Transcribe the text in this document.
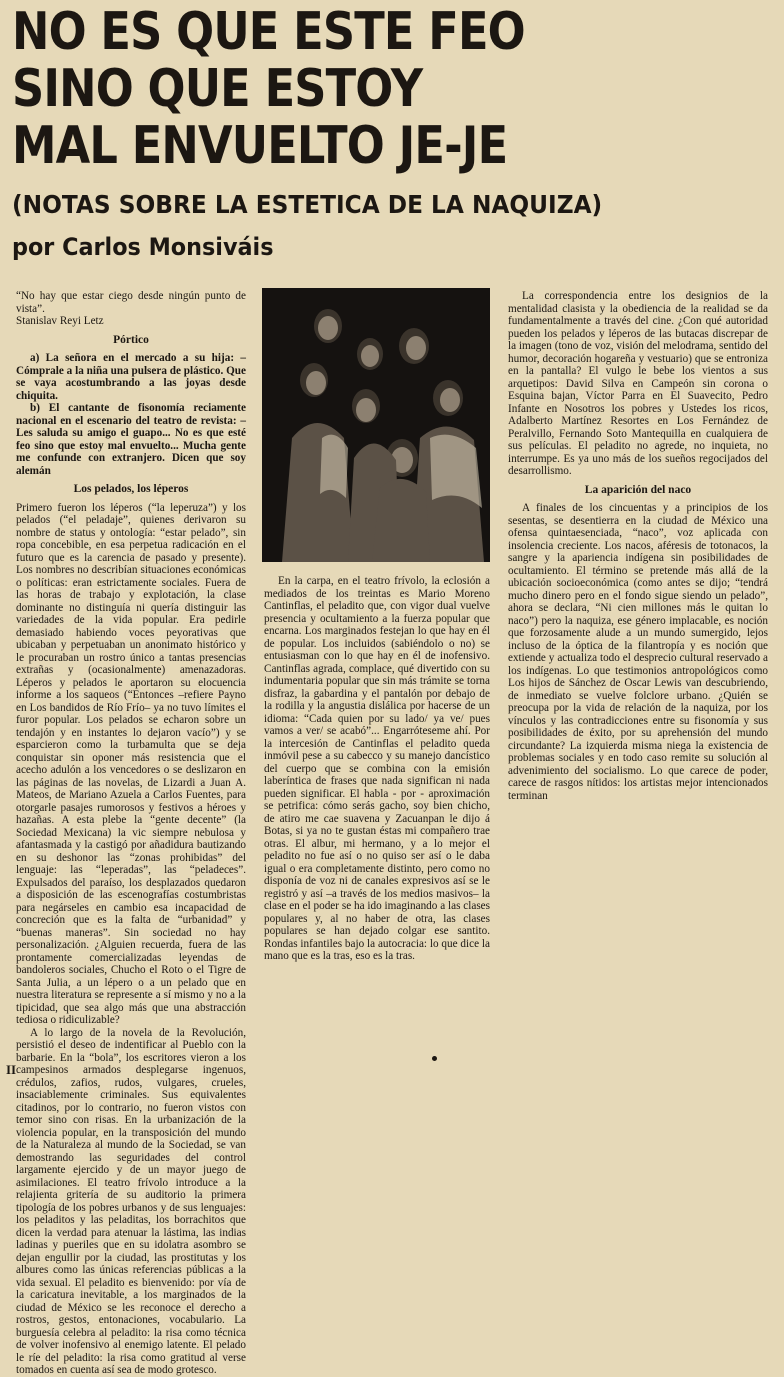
NO ES QUE ESTE FEO
SINO QUE ESTOY
MAL ENVUELTO JE-JE
(NOTAS SOBRE LA ESTETICA DE LA NAQUIZA)
por Carlos Monsiváis

“No hay que estar ciego desde ningún punto de vista”.

Stanislav Reyi Letz

Pórtico

a) La señora en el mercado a su hija: –Cómprale a la niña una pulsera de plástico. Que se vaya acostumbrando a las joyas desde chiquita.

b) El cantante de fisonomía reciamente nacional en el escenario del teatro de revista: –Les saluda su amigo el guapo... No es que esté feo sino que estoy mal envuelto... Mucha gente me confunde con extranjero. Dicen que soy alemán

Los pelados, los léperos

Primero fueron los léperos (“la leperuza”) y los pelados (“el peladaje”, quienes derivaron su nombre de status y ontología: “estar pelado”, sin ropa concebible, en esa perpetua radicación en el futuro que es la carencia de pasado y presente). Los nombres no describían situaciones económicas o políticas: eran estrictamente sociales. Fuera de las horas de trabajo y explotación, la clase dominante no distinguía ni quería distinguir las variedades de la vida popular. Era pedirle demasiado habiendo voces peyorativas que ubicaban y perpetuaban un anonimato histórico y le procuraban un rostro único a tantas presencias extrañas y (ocasionalmente) amenazadoras. Léperos y pelados le aportaron su elocuencia informe a los saqueos (“Entonces –refiere Payno en Los bandidos de Río Frío– ya no tuvo límites el furor popular. Los pelados se echaron sobre un tendajón y en instantes lo dejaron vacío”) y se esparcieron como la turbamulta que se deja conquistar sin oponer más resistencia que el acecho adulón a los vencedores o se deslizaron en las páginas de las novelas, de Lizardi a Juan A. Mateos, de Mariano Azuela a Carlos Fuentes, para otorgarle pasajes rumorosos y festivos a héroes y hazañas. A esta plebe la “gente decente” (la Sociedad Mexicana) la vic siempre nebulosa y afantasmada y la castigó por añadidura bautizando en su deshonor las “zonas prohibidas” del lenguaje: las “leperadas”, las “peladeces”. Expulsados del paraíso, los desplazados quedaron a disposición de las escenografías costumbristas para negárseles en cambio esa incapacidad de concreción que es la falta de “urbanidad” y “buenas maneras”. Sin sociedad no hay personalización. ¿Alguien recuerda, fuera de las prontamente comercializadas leyendas de bandoleros sociales, Chucho el Roto o el Tigre de Santa Julia, a un lépero o a un pelado que en nuestra literatura se represente a sí mismo y no a la tipicidad, que sea algo más que una abstracción tediosa o ridiculizable?

A lo largo de la novela de la Revolución, persistió el deseo de indentificar al Pueblo con la barbarie. En la “bola”, los escritores vieron a los campesinos armados desplegarse ingenuos, crédulos, zafios, rudos, vulgares, crueles, insaciablemente criminales. Sus equivalentes citadinos, por lo contrario, no fueron vistos con temor sino con risas. En la urbanización de la violencia popular, en la transposición del mundo de la Naturaleza al mundo de la Sociedad, se van demostrando las seguridades del control largamente ejercido y de un mayor juego de asimilaciones. El teatro frívolo introduce a la relajienta gritería de su auditorio la primera tipología de los pobres urbanos y de sus lenguajes: los peladitos y las peladitas, los borrachitos que dicen la verdad para atenuar la lástima, las indias ladinas y pueriles que en su idolatra asombro se dejan engullir por la ciudad, las prostitutas y los albures como las únicas referencias públicas a la vida sexual. El peladito es bienvenido: por vía de la caricatura inevitable, a los marginados de la ciudad de México se les reconoce el derecho a rostros, gestos, entonaciones, vocabulario. La burguesía celebra al peladito: la risa como técnica de volver inofensivo al enemigo latente. El pelado le ríe del peladito: la risa como gratitud al verse tomados en cuenta así sea de modo grotesco.

En la carpa, en el teatro frívolo, la eclosión a mediados de los treintas es Mario Moreno Cantinflas, el peladito que, con vigor dual vuelve presencia y ocultamiento a la fuerza popular que encarna. Los marginados festejan lo que hay en él de popular. Los incluidos (sabiéndolo o no) se entusiasman con lo que hay en él de inofensivo. Cantinflas agrada, complace, qué divertido con su indumentaria popular que sin más trámite se torna disfraz, la gabardina y el pantalón por debajo de la rodilla y la angustia dislálica por hacerse de un idioma: “Cada quien por su lado/ ya ve/ pues vamos a ver/ se acabó”... Engarróteseme ahí. Por la intercesión de Cantinflas el peladito queda inmóvil pese a su cabecco y su manejo dancístico del cuerpo que se combina con la emisión laberíntica de frases que nada significan ni nada pueden significar. El habla - por - aproximación se petrifica: cómo serás gacho, soy bien chicho, de atiro me cae suavena y Zacuanpan le dijo á Botas, si ya no te gustan éstas mi compañero trae otras. El albur, mi hermano, y a lo mejor el peladito no fue así o no quiso ser así o le daba igual o era completamente distinto, pero como no disponía de voz ni de canales expresivos así se le registró y así –a través de los medios masivos– la clase en el poder se ha ido imaginando a las clases populares y, al no haber de otra, las clases populares se han dejado colgar ese santito. Rondas infantiles bajo la autocracia: lo que dice la mano que es la tras, eso es la tras.

La correspondencia entre los designios de la mentalidad clasista y la obediencia de la realidad se da fundamentalmente a través del cine. ¿Con qué autoridad pueden los pelados y léperos de las butacas discrepar de la imagen (tono de voz, visión del melodrama, sentido del humor, decoración hogareña y vestuario) que se entroniza en la pantalla? El vulgo le bebe los vientos a sus arquetipos: David Silva en Campeón sin corona o Esquina bajan, Víctor Parra en El Suavecito, Pedro Infante en Nosotros los pobres y Ustedes los ricos, Adalberto Martínez Resortes en Los Fernández de Peralvillo, Fernando Soto Mantequilla en cualquiera de sus películas. El peladito no agrede, no inquieta, no interrumpe. Es ya uno más de los sueños regocijados del desarrollismo.

La aparición del naco

A finales de los cincuentas y a principios de los sesentas, se desentierra en la ciudad de México una ofensa quintaesenciada, “naco”, voz aplicada con insolencia creciente. Los nacos, aféresis de totonacos, la sangre y la apariencia indígena sin posibilidades de ocultamiento. El término se pretende más allá de la ubicación socioeconómica (como antes se dijo; “tendrá mucho dinero pero en el fondo sigue siendo un pelado”, ahora se declara, “Ni cien millones más le quitan lo naco”) pero la naquiza, ese género implacable, es noción que forzosamente alude a un mundo sumergido, lejos incluso de la óptica de la filantropía y es noción que extiende y actualiza todo el desprecio cultural reservado a los indígenas. Lo que testimonios antropológicos como Los hijos de Sánchez de Oscar Lewis van descubriendo, de inmediato se vuelve folclore urbano. ¿Quién se preocupa por la vida de relación de la naquiza, por los vínculos y las contradicciones entre su fisonomía y sus posibilidades de éxito, por su aprehensión del mundo circundante? La izquierda misma niega la existencia de problemas sociales y en todo caso remite su solución al advenimiento del socialismo. Lo que carece de poder, carece de rasgos nítidos: los artistas mejor intencionados terminan

II
